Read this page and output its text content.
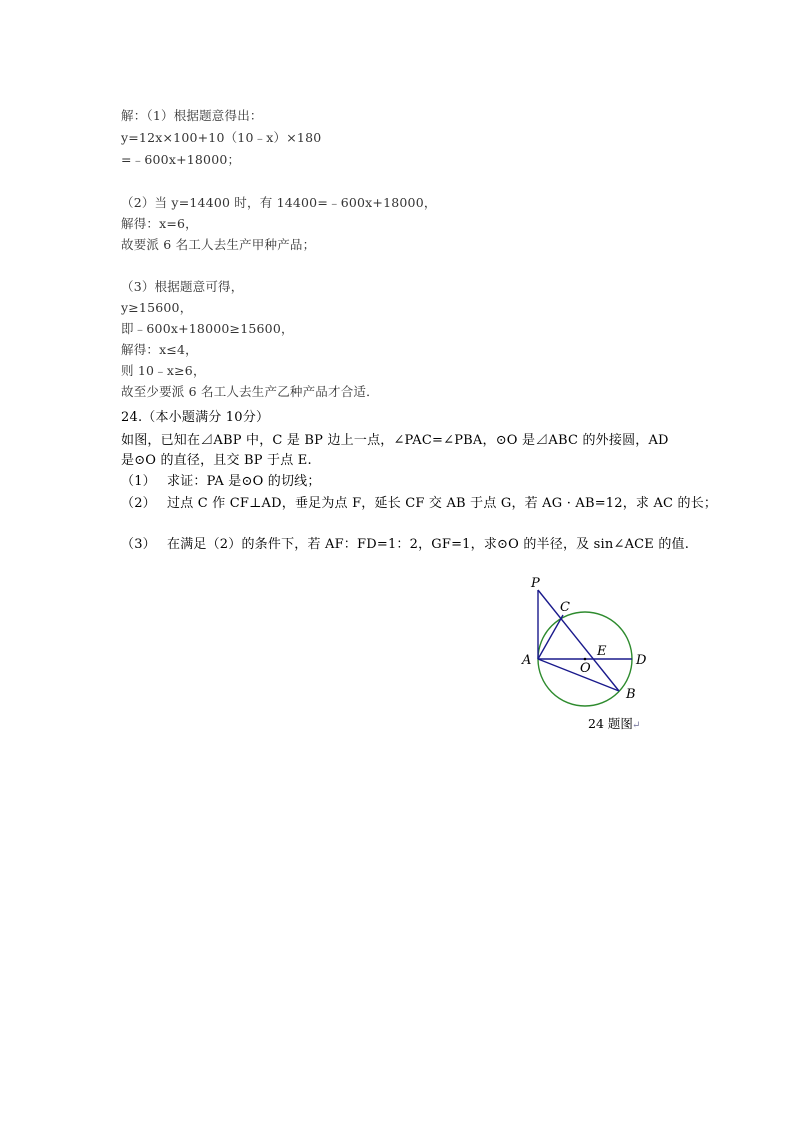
解：（1）根据题意得出：
y=12x×100+10（10﹣x）×180
=﹣600x+18000；
（2）当 y=14400 时，有 14400=﹣600x+18000，
解得：x=6，
故要派 6 名工人去生产甲种产品；
（3）根据题意可得，
y≥15600，
即﹣600x+18000≥15600，
解得：x≤4，
则 10﹣x≥6，
故至少要派 6 名工人去生产乙种产品才合适．
24.（本小题满分 10分）
如图，已知在⊿ABP 中，C 是 BP 边上一点，∠PAC=∠PBA，⊙O 是⊿ABC 的外接圆，AD
是⊙O 的直径，且交 BP 于点 E.
（1） 求证：PA 是⊙O 的切线；
（2） 过点 C 作 CF⊥AD，垂足为点 F，延长 CF 交 AB 于点 G，若 AG · AB=12，求 AC 的长；
（3） 在满足（2）的条件下，若 AF：FD=1：2，GF=1，求⊙O 的半径，及 sin∠ACE 的值.
P
C
A
E
D
O
B
24 题图 ↵
